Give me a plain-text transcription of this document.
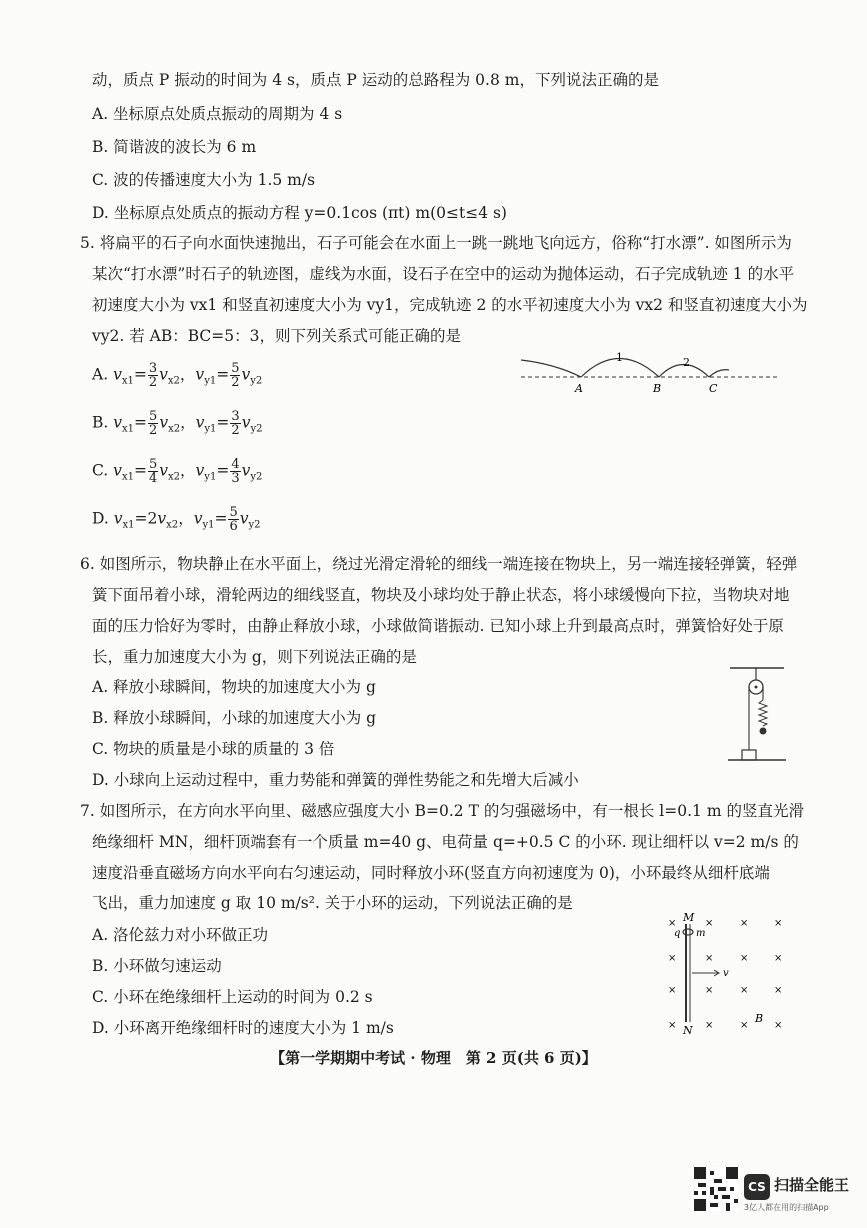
动，质点 P 振动的时间为 4 s，质点 P 运动的总路程为 0.8 m，下列说法正确的是
A. 坐标原点处质点振动的周期为 4 s
B. 简谐波的波长为 6 m
C. 波的传播速度大小为 1.5 m/s
D. 坐标原点处质点的振动方程 y=0.1cos (πt) m(0≤t≤4 s)
5. 将扁平的石子向水面快速抛出，石子可能会在水面上一跳一跳地飞向远方，俗称“打水漂”. 如图所示为
某次“打水漂”时石子的轨迹图，虚线为水面，设石子在空中的运动为抛体运动，石子完成轨迹 1 的水平
初速度大小为 vx1 和竖直初速度大小为 vy1，完成轨迹 2 的水平初速度大小为 vx2 和竖直初速度大小为
vy2. 若 AB：BC=5：3，则下列关系式可能正确的是
A. $v_{x1}= \frac{3}{2} v_{x2}$，$v_{y1}= \frac{5}{2} v_{y2}$
B. $v_{x1}= \frac{5}{2} v_{x2}$，$v_{y1}= \frac{3}{2} v_{y2}$
C. $v_{x1}= \frac{5}{4} v_{x2}$，$v_{y1}= \frac{4}{3} v_{y2}$
D. $v_{x1}=2v_{x2}$，$v_{y1}= \frac{5}{6} v_{y2}$
1	2
A	B	C
6. 如图所示，物块静止在水平面上，绕过光滑定滑轮的细线一端连接在物块上，另一端连接轻弹簧，轻弹
簧下面吊着小球，滑轮两边的细线竖直，物块及小球均处于静止状态，将小球缓慢向下拉，当物块对地
面的压力恰好为零时，由静止释放小球，小球做简谐振动. 已知小球上升到最高点时，弹簧恰好处于原
长，重力加速度大小为 g，则下列说法正确的是
A. 释放小球瞬间，物块的加速度大小为 g
B. 释放小球瞬间，小球的加速度大小为 g
C. 物块的质量是小球的质量的 3 倍
D. 小球向上运动过程中，重力势能和弹簧的弹性势能之和先增大后减小
7. 如图所示，在方向水平向里、磁感应强度大小 B=0.2 T 的匀强磁场中，有一根长 l=0.1 m 的竖直光滑
绝缘细杆 MN，细杆顶端套有一个质量 m=40 g、电荷量 q=+0.5 C 的小环. 现让细杆以 v=2 m/s 的
速度沿垂直磁场方向水平向右匀速运动，同时释放小环(竖直方向初速度为 0)，小环最终从细杆底端
飞出，重力加速度 g 取 10 m/s². 关于小环的运动，下列说法正确的是
A. 洛伦兹力对小环做正功
B. 小环做匀速运动
C. 小环在绝缘细杆上运动的时间为 0.2 s
D. 小环离开绝缘细杆时的速度大小为 1 m/s
×	×	×	×
×	×	×	×
×	×	×	×
×	×	×	×
M
N
q m
v
B
【第一学期期中考试 · 物理　第 2 页(共 6 页)】
CS 扫描全能王
3亿人都在用的扫描App
